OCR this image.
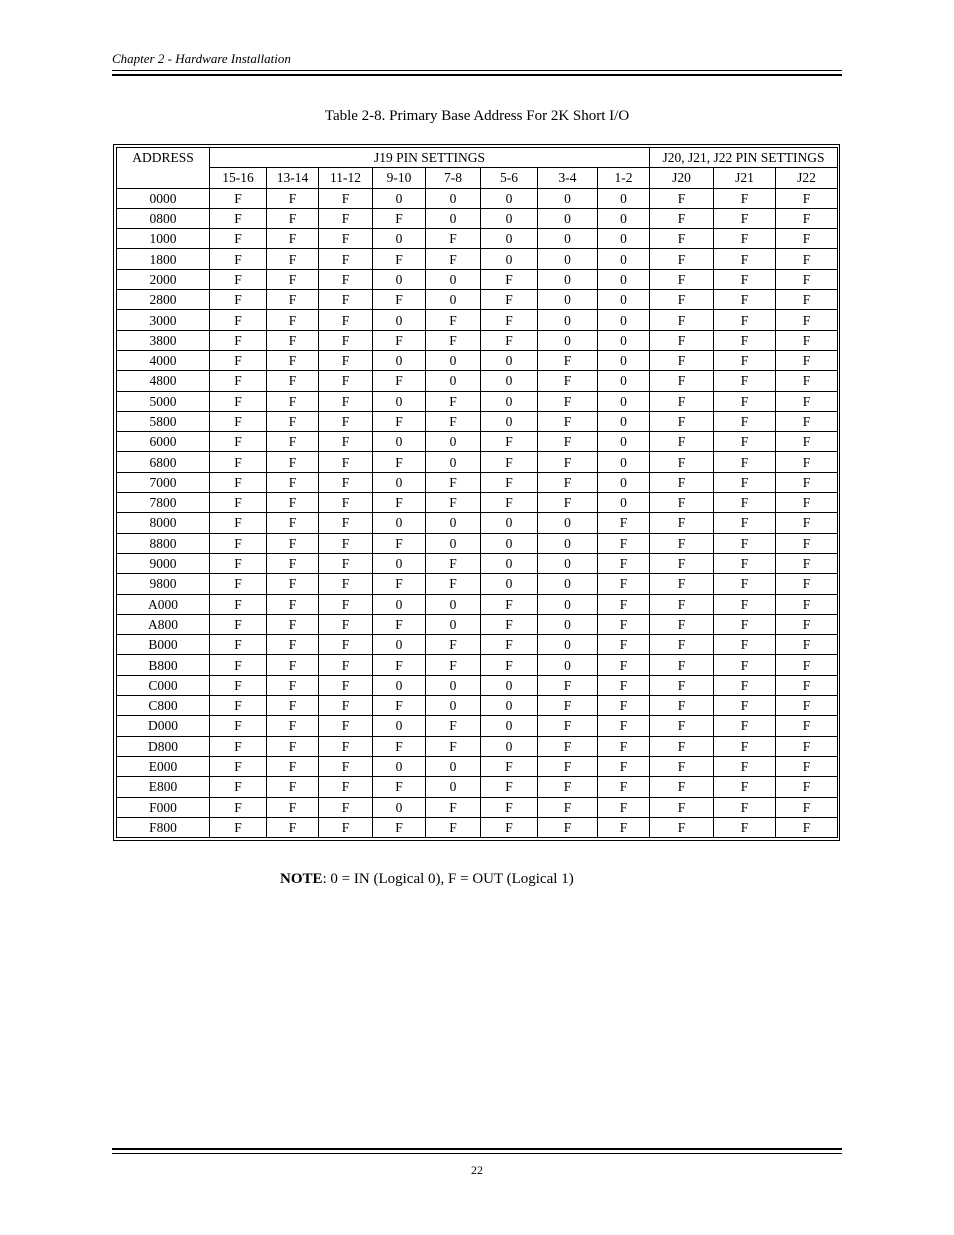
Chapter 2 - Hardware Installation
Table 2-8. Primary Base Address For 2K Short I/O
ADDRESS	J19 PIN SETTINGS								J20, J21, J22 PIN SETTINGS		
	15-16	13-14	11-12	9-10	7-8	5-6	3-4	1-2	J20	J21	J22
0000	F	F	F	0	0	0	0	0	F	F	F
0800	F	F	F	F	0	0	0	0	F	F	F
1000	F	F	F	0	F	0	0	0	F	F	F
1800	F	F	F	F	F	0	0	0	F	F	F
2000	F	F	F	0	0	F	0	0	F	F	F
2800	F	F	F	F	0	F	0	0	F	F	F
3000	F	F	F	0	F	F	0	0	F	F	F
3800	F	F	F	F	F	F	0	0	F	F	F
4000	F	F	F	0	0	0	F	0	F	F	F
4800	F	F	F	F	0	0	F	0	F	F	F
5000	F	F	F	0	F	0	F	0	F	F	F
5800	F	F	F	F	F	0	F	0	F	F	F
6000	F	F	F	0	0	F	F	0	F	F	F
6800	F	F	F	F	0	F	F	0	F	F	F
7000	F	F	F	0	F	F	F	0	F	F	F
7800	F	F	F	F	F	F	F	0	F	F	F
8000	F	F	F	0	0	0	0	F	F	F	F
8800	F	F	F	F	0	0	0	F	F	F	F
9000	F	F	F	0	F	0	0	F	F	F	F
9800	F	F	F	F	F	0	0	F	F	F	F
A000	F	F	F	0	0	F	0	F	F	F	F
A800	F	F	F	F	0	F	0	F	F	F	F
B000	F	F	F	0	F	F	0	F	F	F	F
B800	F	F	F	F	F	F	0	F	F	F	F
C000	F	F	F	0	0	0	F	F	F	F	F
C800	F	F	F	F	0	0	F	F	F	F	F
D000	F	F	F	0	F	0	F	F	F	F	F
D800	F	F	F	F	F	0	F	F	F	F	F
E000	F	F	F	0	0	F	F	F	F	F	F
E800	F	F	F	F	0	F	F	F	F	F	F
F000	F	F	F	0	F	F	F	F	F	F	F
F800	F	F	F	F	F	F	F	F	F	F	F
NOTE: 0 = IN (Logical 0), F = OUT (Logical 1)
22
